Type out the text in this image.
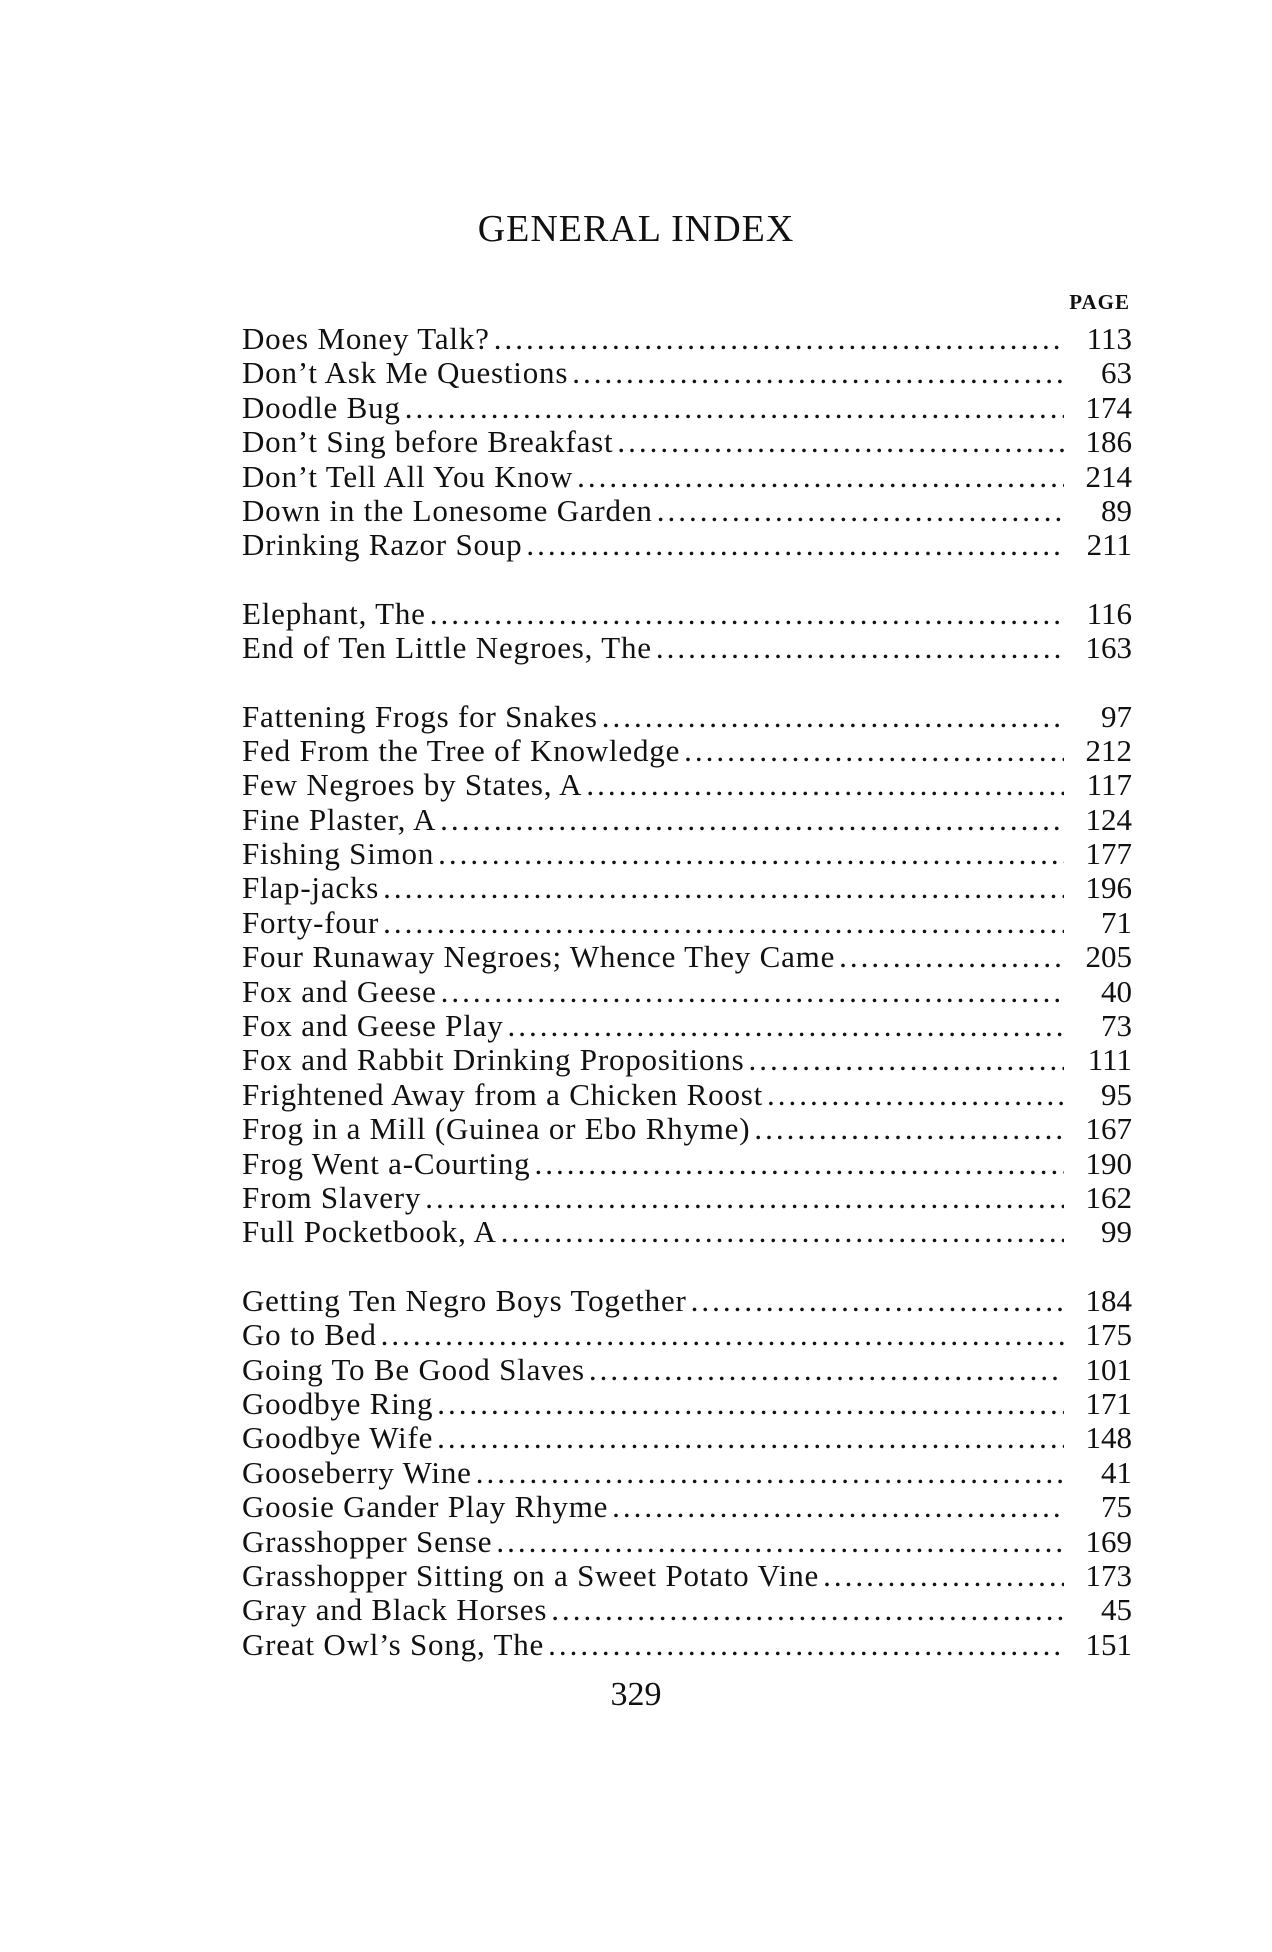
GENERAL INDEX
PAGE
Does Money Talk? .....	113
Don’t Ask Me Questions .....	63
Doodle Bug .....	174
Don’t Sing before Breakfast .....	186
Don’t Tell All You Know .....	214
Down in the Lonesome Garden .....	89
Drinking Razor Soup .....	211
Elephant, The .....	116
End of Ten Little Negroes, The .....	163
Fattening Frogs for Snakes .....	97
Fed From the Tree of Knowledge .....	212
Few Negroes by States, A .....	117
Fine Plaster, A .....	124
Fishing Simon .....	177
Flap-jacks .....	196
Forty-four .....	71
Four Runaway Negroes; Whence They Came .....	205
Fox and Geese .....	40
Fox and Geese Play .....	73
Fox and Rabbit Drinking Propositions .....	111
Frightened Away from a Chicken Roost .....	95
Frog in a Mill (Guinea or Ebo Rhyme) .....	167
Frog Went a-Courting .....	190
From Slavery .....	162
Full Pocketbook, A .....	99
Getting Ten Negro Boys Together .....	184
Go to Bed .....	175
Going To Be Good Slaves .....	101
Goodbye Ring .....	171
Goodbye Wife .....	148
Gooseberry Wine .....	41
Goosie Gander Play Rhyme .....	75
Grasshopper Sense .....	169
Grasshopper Sitting on a Sweet Potato Vine .....	173
Gray and Black Horses .....	45
Great Owl’s Song, The .....	151
329
